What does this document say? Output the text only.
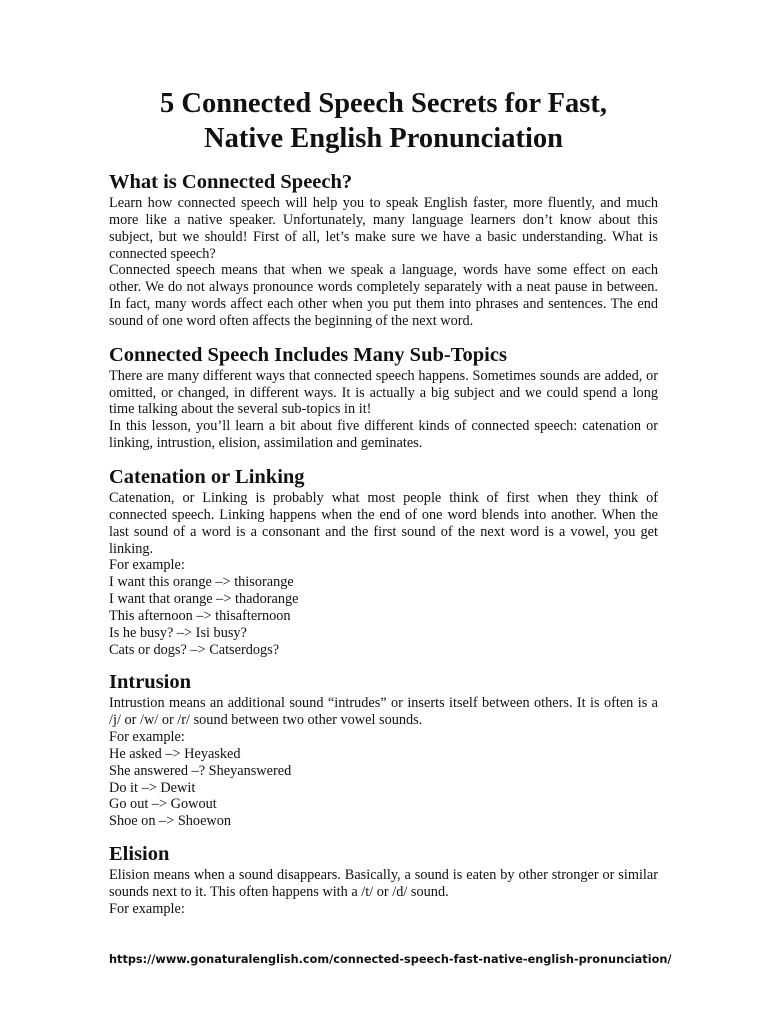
5 Connected Speech Secrets for Fast,
Native English Pronunciation
What is Connected Speech?

Learn how connected speech will help you to speak English faster, more fluently, and much more like a native speaker. Unfortunately, many language learners don’t know about this subject, but we should! First of all, let’s make sure we have a basic understanding. What is connected speech?

Connected speech means that when we speak a language, words have some effect on each other. We do not always pronounce words completely separately with a neat pause in between. In fact, many words affect each other when you put them into phrases and sentences. The end sound of one word often affects the beginning of the next word.

Connected Speech Includes Many Sub-Topics

There are many different ways that connected speech happens. Sometimes sounds are added, or omitted, or changed, in different ways. It is actually a big subject and we could spend a long time talking about the several sub-topics in it!

In this lesson, you’ll learn a bit about five different kinds of connected speech: catenation or linking, intrustion, elision, assimilation and geminates.

Catenation or Linking

Catenation, or Linking is probably what most people think of first when they think of connected speech. Linking happens when the end of one word blends into another. When the last sound of a word is a consonant and the first sound of the next word is a vowel, you get linking.

For example:

I want this orange –> thisorange

I want that orange –> thadorange

This afternoon –> thisafternoon

Is he busy? –> Isi busy?

Cats or dogs? –> Catserdogs?

Intrusion

Intrustion means an additional sound “intrudes” or inserts itself between others. It is often is a /j/ or /w/ or /r/ sound between two other vowel sounds.

For example:

He asked –> Heyasked

She answered –? Sheyanswered

Do it –> Dewit

Go out –> Gowout

Shoe on –> Shoewon

Elision

Elision means when a sound disappears. Basically, a sound is eaten by other stronger or similar sounds next to it. This often happens with a /t/ or /d/ sound.

For example:

https://www.gonaturalenglish.com/connected-speech-fast-native-english-pronunciation/
